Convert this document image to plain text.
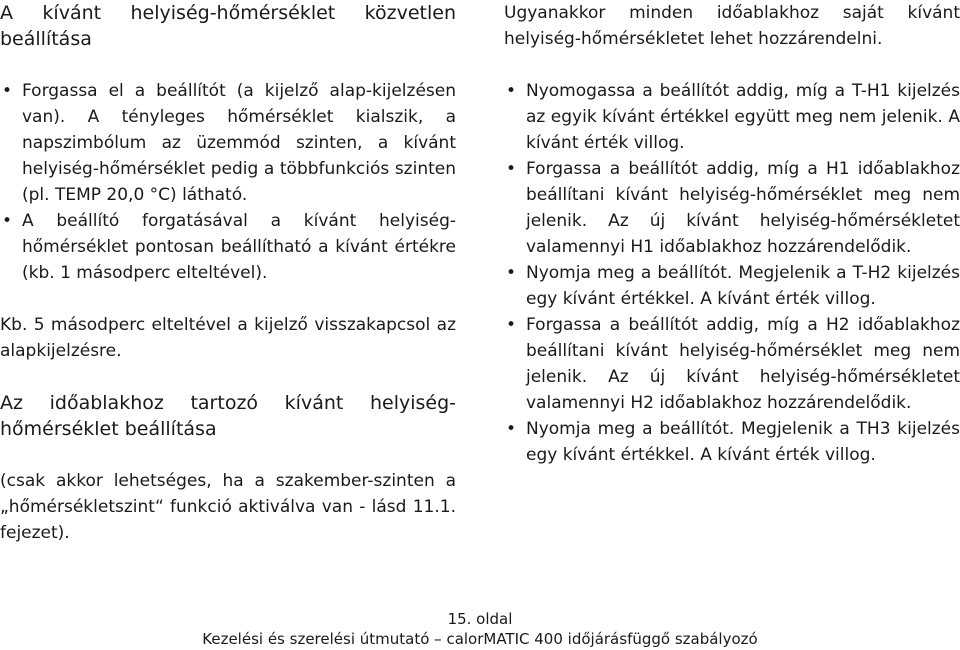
A kívánt helyiség-hőmérséklet közvetlen beállítása
• Forgassa el a beállítót (a kijelző alap-kijelzésen van). A tényleges hőmérséklet kialszik, a napszimbólum az üzemmód szinten, a kívánt helyiség-hőmérséklet pedig a többfunkciós szinten (pl. TEMP 20,0 °C) látható.
• A beállító forgatásával a kívánt helyiség-hőmérséklet pontosan beállítható a kívánt értékre (kb. 1 másodperc elteltével).

Kb. 5 másodperc elteltével a kijelző visszakapcsol az alapkijelzésre.

Az időablakhoz tartozó kívánt helyiség-hőmérséklet beállítása

(csak akkor lehetséges, ha a szakember-szinten a „hőmérsékletszint“ funkció aktiválva van - lásd 11.1. fejezet).

Ugyanakkor minden időablakhoz saját kívánt helyiség-hőmérsékletet lehet hozzárendelni.

• Nyomogassa a beállítót addig, míg a T-H1 kijelzés az egyik kívánt értékkel együtt meg nem jelenik. A kívánt érték villog.
• Forgassa a beállítót addig, míg a H1 időablakhoz beállítani kívánt helyiség-hőmérséklet meg nem jelenik. Az új kívánt helyiség-hőmérsékletet valamennyi H1 időablakhoz hozzárendelődik.
• Nyomja meg a beállítót. Megjelenik a T-H2 kijelzés egy kívánt értékkel. A kívánt érték villog.
• Forgassa a beállítót addig, míg a H2 időablakhoz beállítani kívánt helyiség-hőmérséklet meg nem jelenik. Az új kívánt helyiség-hőmérsékletet valamennyi H2 időablakhoz hozzárendelődik.
• Nyomja meg a beállítót. Megjelenik a TH3 kijelzés egy kívánt értékkel. A kívánt érték villog.
15. oldal
Kezelési és szerelési útmutató – calorMATIC 400 időjárásfüggő szabályozó
